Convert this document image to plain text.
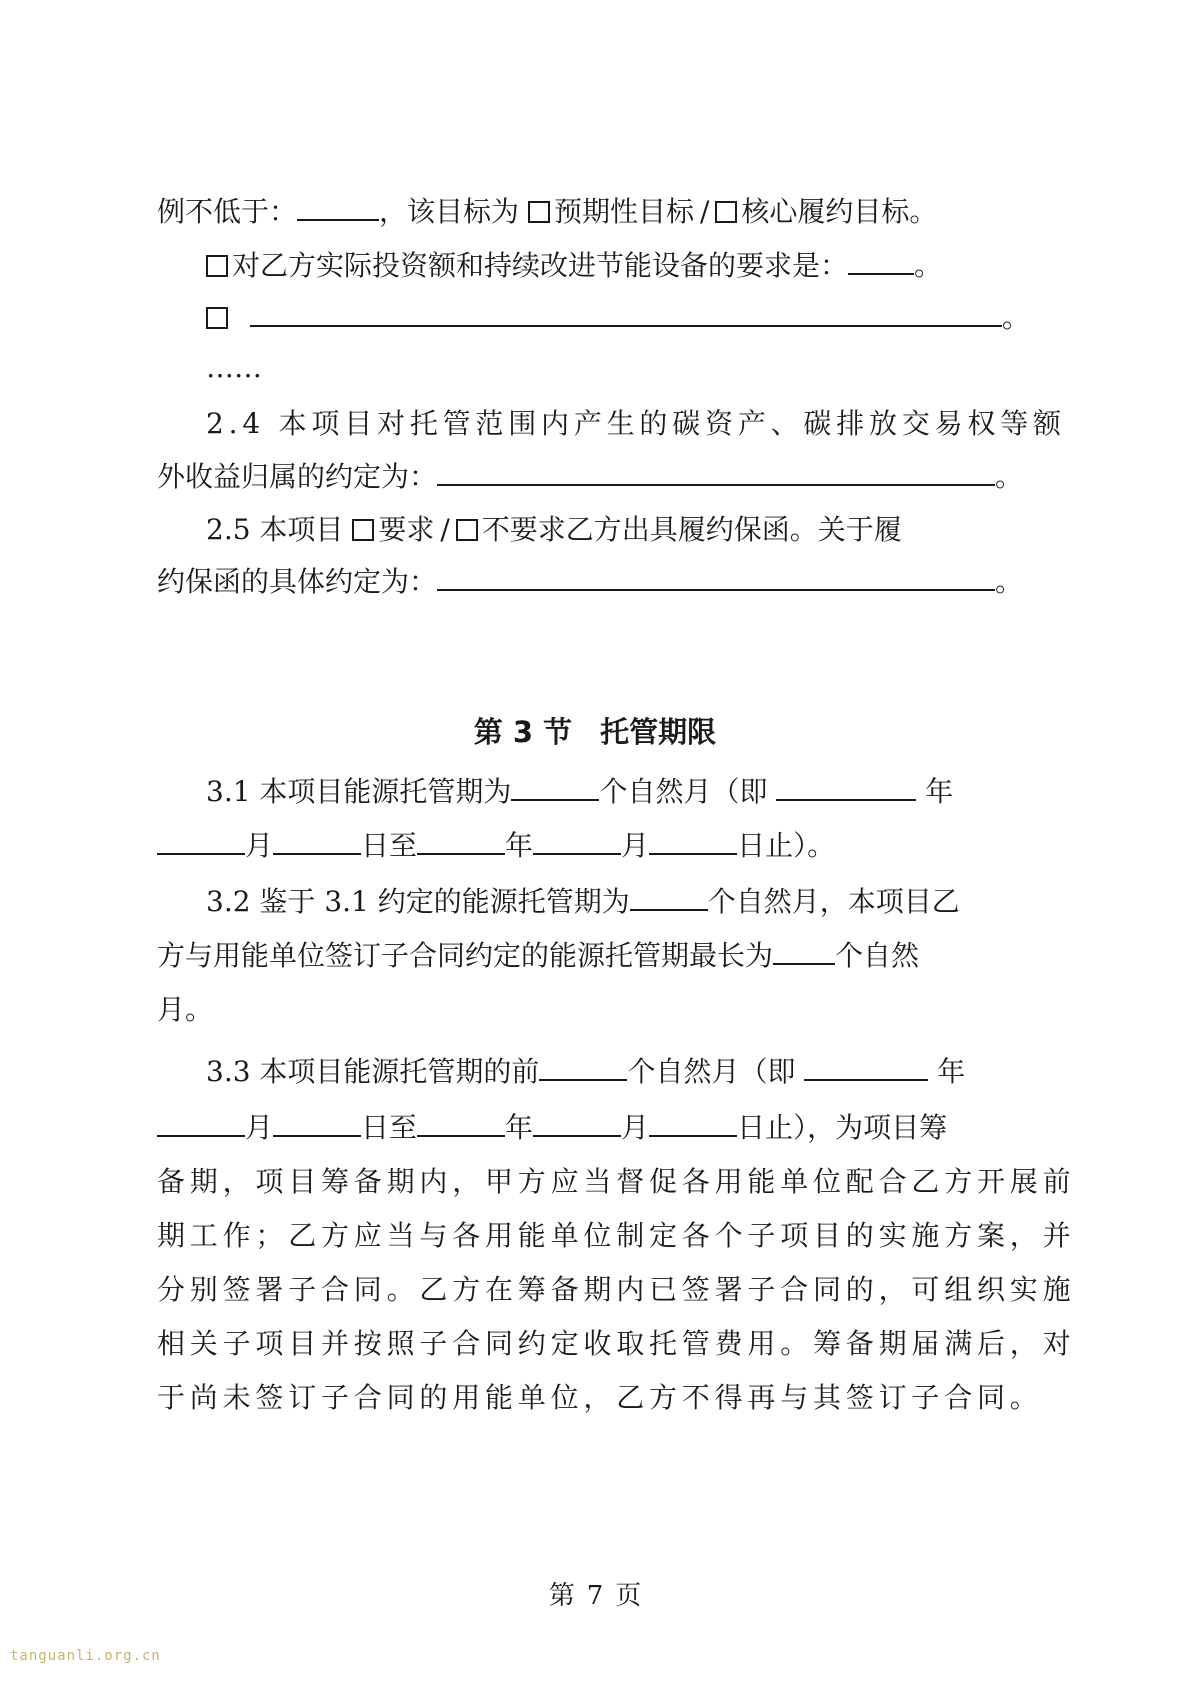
例不低于：	，该目标为 预期性目标 / 核心履约目标。
对乙方实际投资额和持续改进节能设备的要求是： 。
。
……
2.4 本项目对托管范围内产生的碳资产、碳排放交易权等额
外收益归属的约定为：	。
2.5 本项目 要求 / 不要求乙方出具履约保函。关于履
约保函的具体约定为：	。
第 3 节 托管期限
3.1 本项目能源托管期为	个自然月（即	年
月	日至	年	月	日止）。
3.2 鉴于 3.1 约定的能源托管期为	个自然月，本项目乙
方与用能单位签订子合同约定的能源托管期最长为 个自然
月。
3.3 本项目能源托管期的前	个自然月（即	年
月	日至	年	月	日止），为项目筹
备期，项目筹备期内，甲方应当督促各用能单位配合乙方开展前
期工作；乙方应当与各用能单位制定各个子项目的实施方案，并
分别签署子合同。乙方在筹备期内已签署子合同的，可组织实施
相关子项目并按照子合同约定收取托管费用。筹备期届满后，对
于尚未签订子合同的用能单位，乙方不得再与其签订子合同。
第 7 页
tanguanli.org.cn
